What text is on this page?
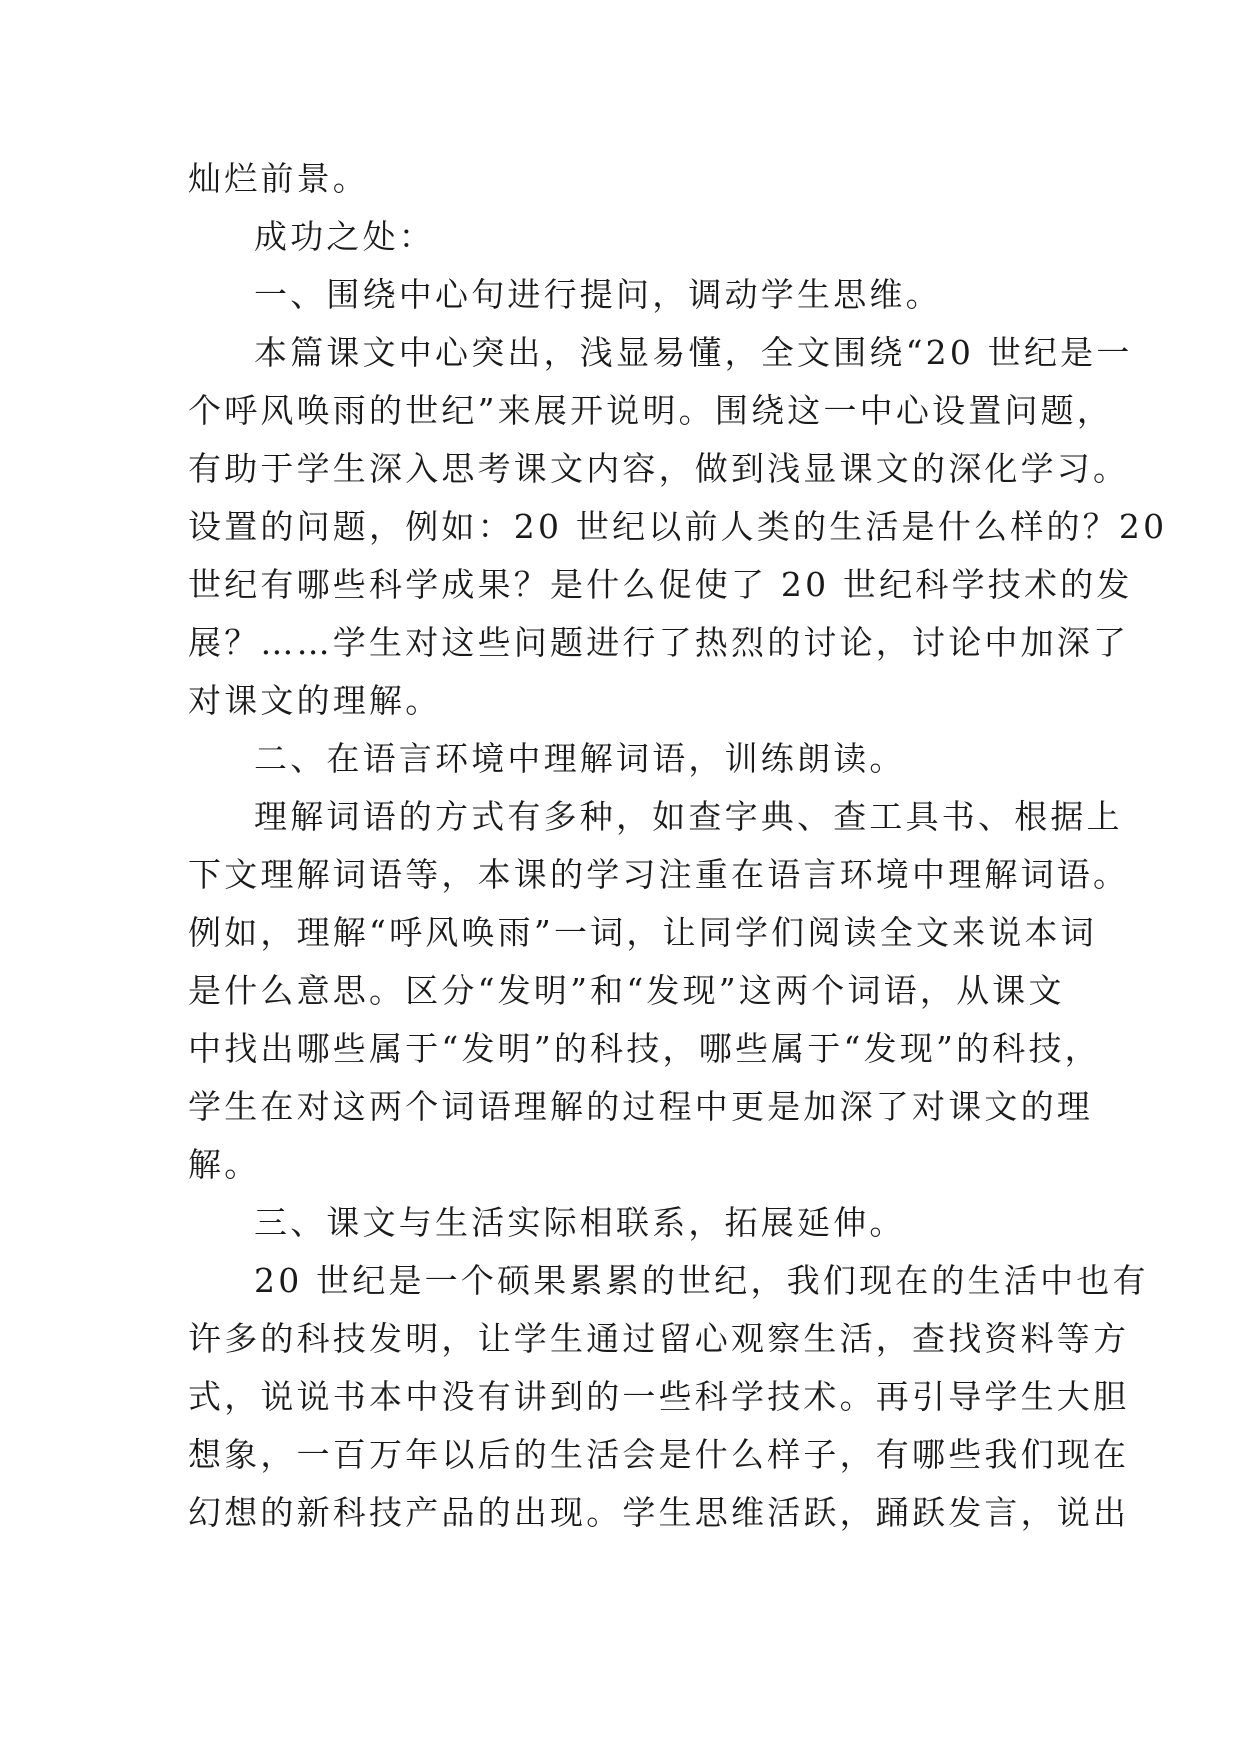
灿烂前景。
成功之处：
一、围绕中心句进行提问，调动学生思维。
本篇课文中心突出，浅显易懂，全文围绕“20 世纪是一
个呼风唤雨的世纪”来展开说明。围绕这一中心设置问题，
有助于学生深入思考课文内容，做到浅显课文的深化学习。
设置的问题，例如：20 世纪以前人类的生活是什么样的？20
世纪有哪些科学成果？是什么促使了 20 世纪科学技术的发
展？……学生对这些问题进行了热烈的讨论，讨论中加深了
对课文的理解。
二、在语言环境中理解词语，训练朗读。
理解词语的方式有多种，如查字典、查工具书、根据上
下文理解词语等，本课的学习注重在语言环境中理解词语。
例如，理解“呼风唤雨”一词，让同学们阅读全文来说本词
是什么意思。区分“发明”和“发现”这两个词语，从课文
中找出哪些属于“发明”的科技，哪些属于“发现”的科技，
学生在对这两个词语理解的过程中更是加深了对课文的理
解。
三、课文与生活实际相联系，拓展延伸。
20 世纪是一个硕果累累的世纪，我们现在的生活中也有
许多的科技发明，让学生通过留心观察生活，查找资料等方
式，说说书本中没有讲到的一些科学技术。再引导学生大胆
想象，一百万年以后的生活会是什么样子，有哪些我们现在
幻想的新科技产品的出现。学生思维活跃，踊跃发言，说出
